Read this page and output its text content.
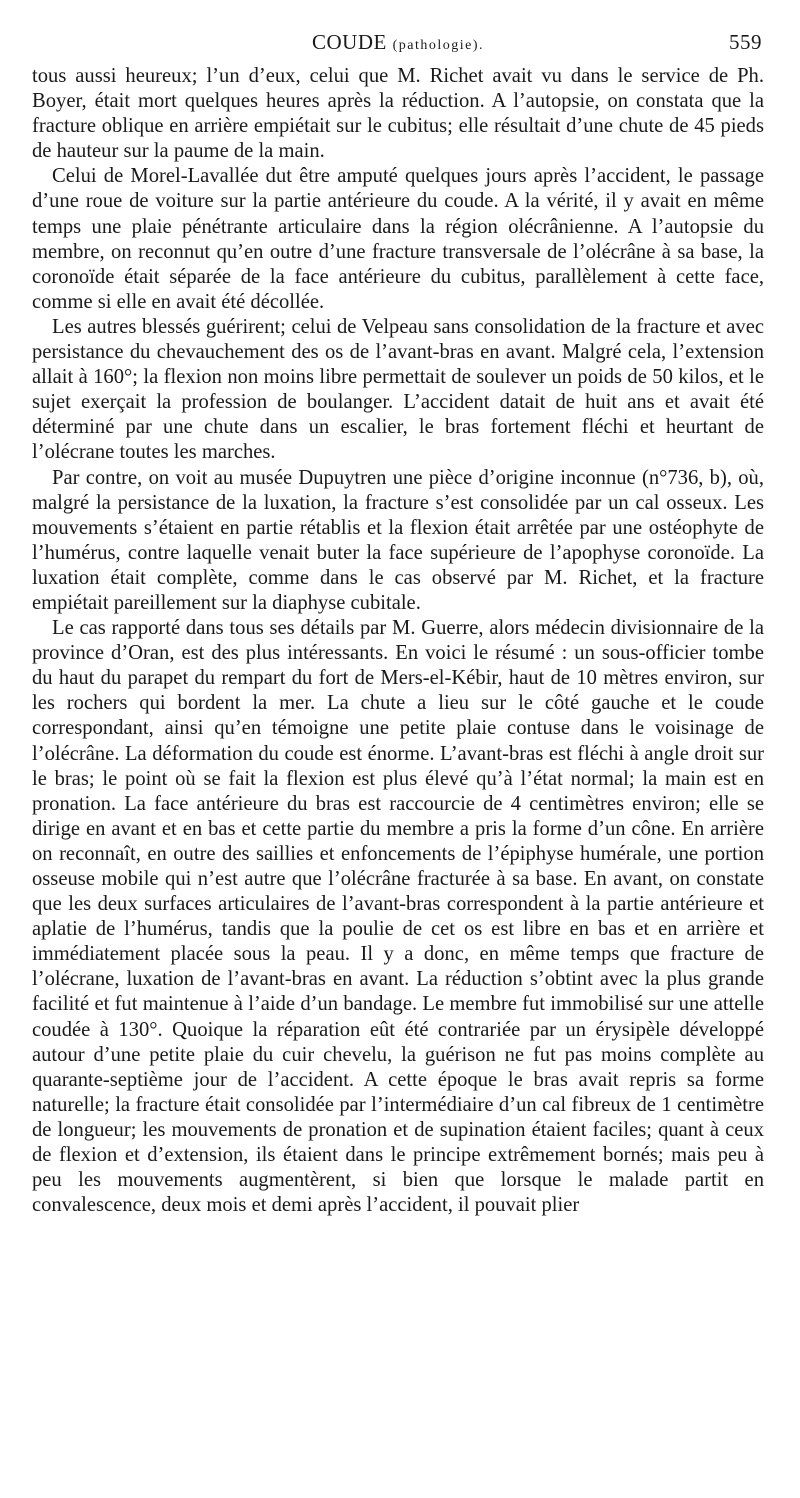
COUDE (pathologie).	559

tous aussi heureux; l’un d’eux, celui que M. Richet avait vu dans le service de Ph. Boyer, était mort quelques heures après la réduction. A l’autopsie, on constata que la fracture oblique en arrière empiétait sur le cubitus; elle résultait d’une chute de 45 pieds de hauteur sur la paume de la main.

Celui de Morel-Lavallée dut être amputé quelques jours après l’accident, le passage d’une roue de voiture sur la partie antérieure du coude. A la vérité, il y avait en même temps une plaie pénétrante articulaire dans la région olécrânienne. A l’autopsie du membre, on reconnut qu’en outre d’une fracture transversale de l’olécrâne à sa base, la coronoïde était séparée de la face antérieure du cubitus, parallèlement à cette face, comme si elle en avait été décollée.

Les autres blessés guérirent; celui de Velpeau sans consolidation de la fracture et avec persistance du chevauchement des os de l’avant-bras en avant. Malgré cela, l’extension allait à 160°; la flexion non moins libre permettait de soulever un poids de 50 kilos, et le sujet exerçait la profession de boulanger. L’accident datait de huit ans et avait été déterminé par une chute dans un escalier, le bras fortement fléchi et heurtant de l’olécrane toutes les marches.

Par contre, on voit au musée Dupuytren une pièce d’origine inconnue (n°736, b), où, malgré la persistance de la luxation, la fracture s’est consolidée par un cal osseux. Les mouvements s’étaient en partie rétablis et la flexion était arrêtée par une ostéophyte de l’humérus, contre laquelle venait buter la face supérieure de l’apophyse coronoïde. La luxation était complète, comme dans le cas observé par M. Richet, et la fracture empiétait pareillement sur la diaphyse cubitale.

Le cas rapporté dans tous ses détails par M. Guerre, alors médecin divisionnaire de la province d’Oran, est des plus intéressants. En voici le résumé : un sous-officier tombe du haut du parapet du rempart du fort de Mers-el-Kébir, haut de 10 mètres environ, sur les rochers qui bordent la mer. La chute a lieu sur le côté gauche et le coude correspondant, ainsi qu’en témoigne une petite plaie contuse dans le voisinage de l’olécrâne. La déformation du coude est énorme. L’avant-bras est fléchi à angle droit sur le bras; le point où se fait la flexion est plus élevé qu’à l’état normal; la main est en pronation. La face antérieure du bras est raccourcie de 4 centimètres environ; elle se dirige en avant et en bas et cette partie du membre a pris la forme d’un cône. En arrière on reconnaît, en outre des saillies et enfoncements de l’épiphyse humérale, une portion osseuse mobile qui n’est autre que l’olécrâne fracturée à sa base. En avant, on constate que les deux surfaces articulaires de l’avant-bras correspondent à la partie antérieure et aplatie de l’humérus, tandis que la poulie de cet os est libre en bas et en arrière et immédiatement placée sous la peau. Il y a donc, en même temps que fracture de l’olécrane, luxation de l’avant-bras en avant. La réduction s’obtint avec la plus grande facilité et fut maintenue à l’aide d’un bandage. Le membre fut immobilisé sur une attelle coudée à 130°. Quoique la réparation eût été contrariée par un érysipèle développé autour d’une petite plaie du cuir chevelu, la guérison ne fut pas moins complète au quarante-septième jour de l’accident. A cette époque le bras avait repris sa forme naturelle; la fracture était consolidée par l’intermédiaire d’un cal fibreux de 1 centimètre de longueur; les mouvements de pronation et de supination étaient faciles; quant à ceux de flexion et d’extension, ils étaient dans le principe extrêmement bornés; mais peu à peu les mouvements augmentèrent, si bien que lorsque le malade partit en convalescence, deux mois et demi après l’accident, il pouvait plier
